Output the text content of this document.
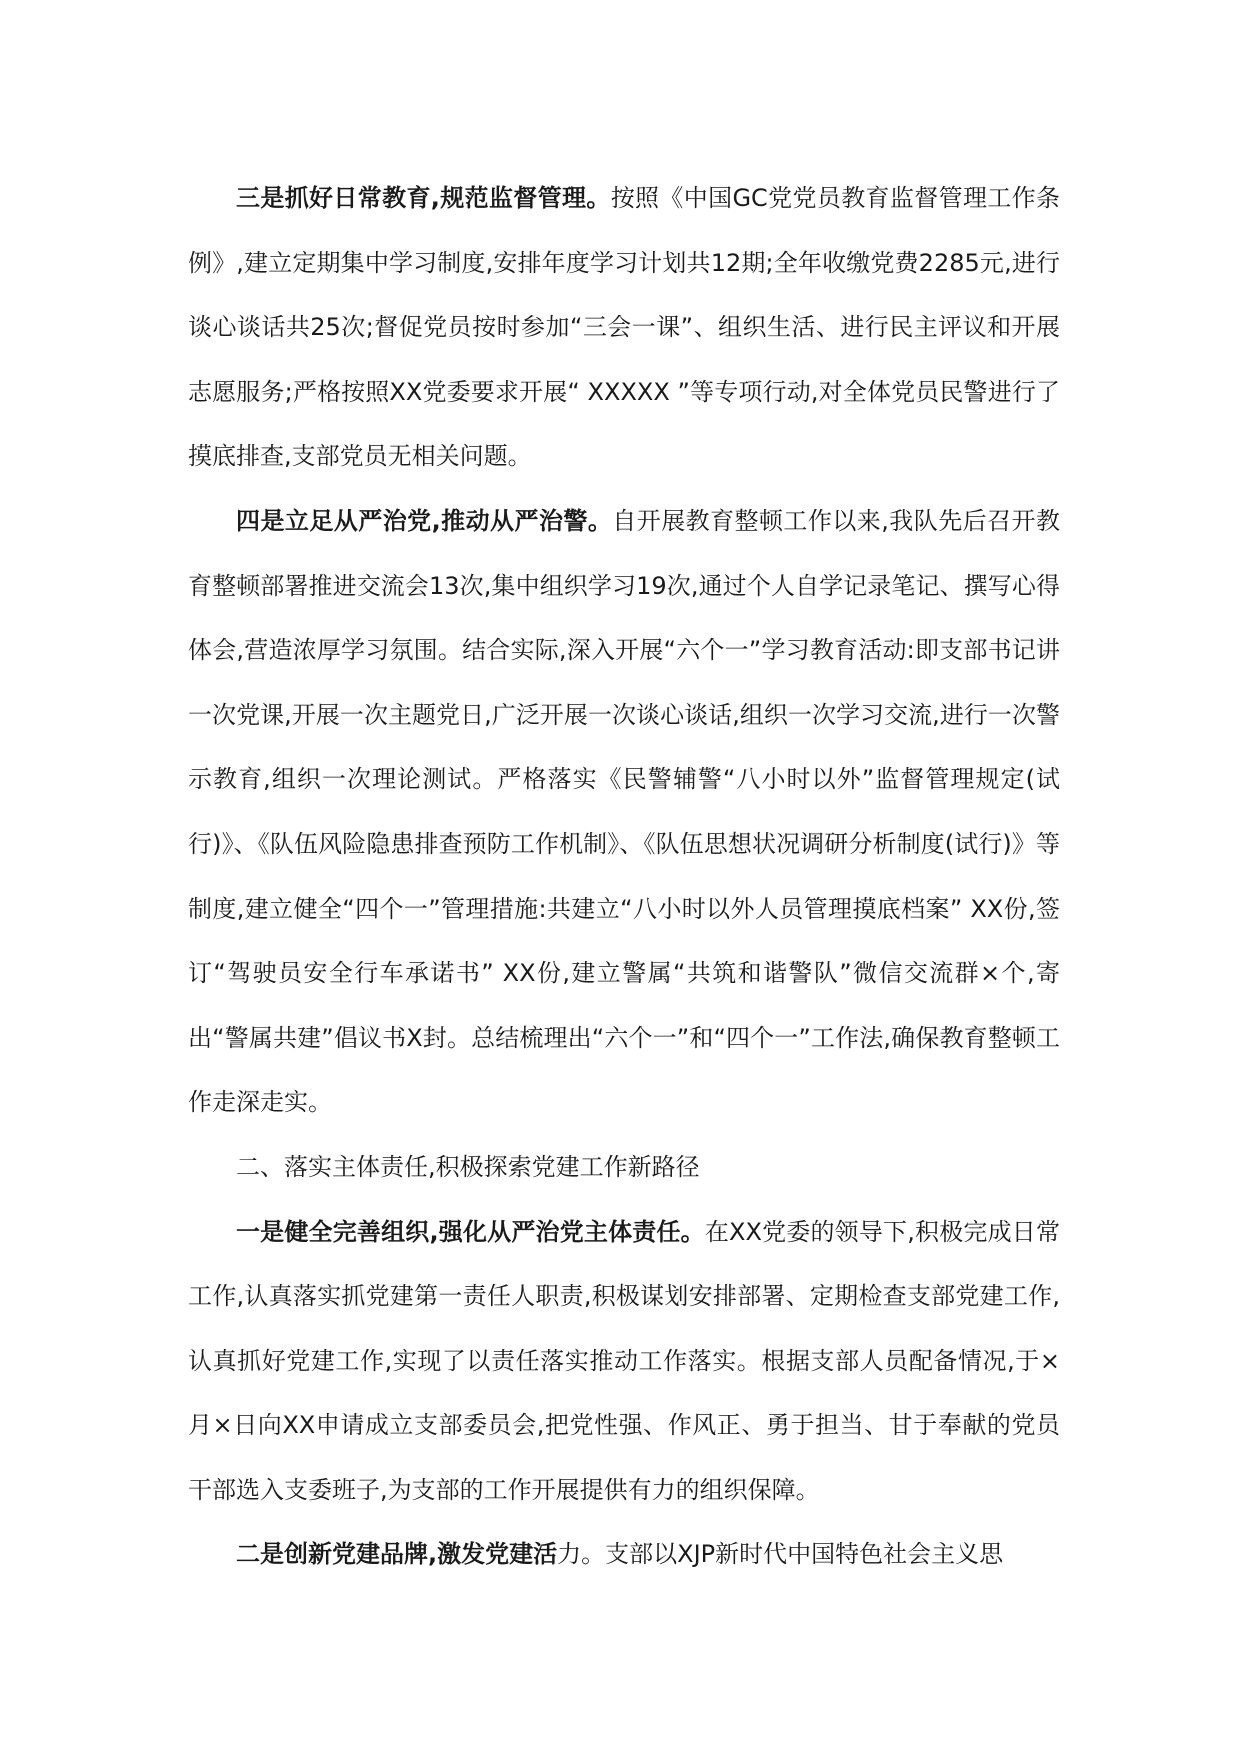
三是抓好日常教育,规范监督管理。按照《中国GC党党员教育监督管理工作条例》,建立定期集中学习制度,安排年度学习计划共12期;全年收缴党费2285元,进行谈心谈话共25次;督促党员按时参加“三会一课”、组织生活、进行民主评议和开展志愿服务;严格按照XX党委要求开展“ XXXXX ”等专项行动,对全体党员民警进行了摸底排查,支部党员无相关问题。

四是立足从严治党,推动从严治警。自开展教育整顿工作以来,我队先后召开教育整顿部署推进交流会13次,集中组织学习19次,通过个人自学记录笔记、撰写心得体会,营造浓厚学习氛围。结合实际,深入开展“六个一”学习教育活动:即支部书记讲一次党课,开展一次主题党日,广泛开展一次谈心谈话,组织一次学习交流,进行一次警示教育,组织一次理论测试。严格落实《民警辅警“八小时以外”监督管理规定(试行)》、《队伍风险隐患排查预防工作机制》、《队伍思想状况调研分析制度(试行)》等制度,建立健全“四个一”管理措施:共建立“八小时以外人员管理摸底档案” XX份,签订“驾驶员安全行车承诺书” XX份,建立警属“共筑和谐警队”微信交流群×个,寄出“警属共建”倡议书X封。总结梳理出“六个一”和“四个一”工作法,确保教育整顿工作走深走实。

二、落实主体责任,积极探索党建工作新路径

一是健全完善组织,强化从严治党主体责任。在XX党委的领导下,积极完成日常工作,认真落实抓党建第一责任人职责,积极谋划安排部署、定期检查支部党建工作,认真抓好党建工作,实现了以责任落实推动工作落实。根据支部人员配备情况,于×月×日向XX申请成立支部委员会,把党性强、作风正、勇于担当、甘于奉献的党员干部选入支委班子,为支部的工作开展提供有力的组织保障。

二是创新党建品牌,激发党建活力。支部以XJP新时代中国特色社会主义思
